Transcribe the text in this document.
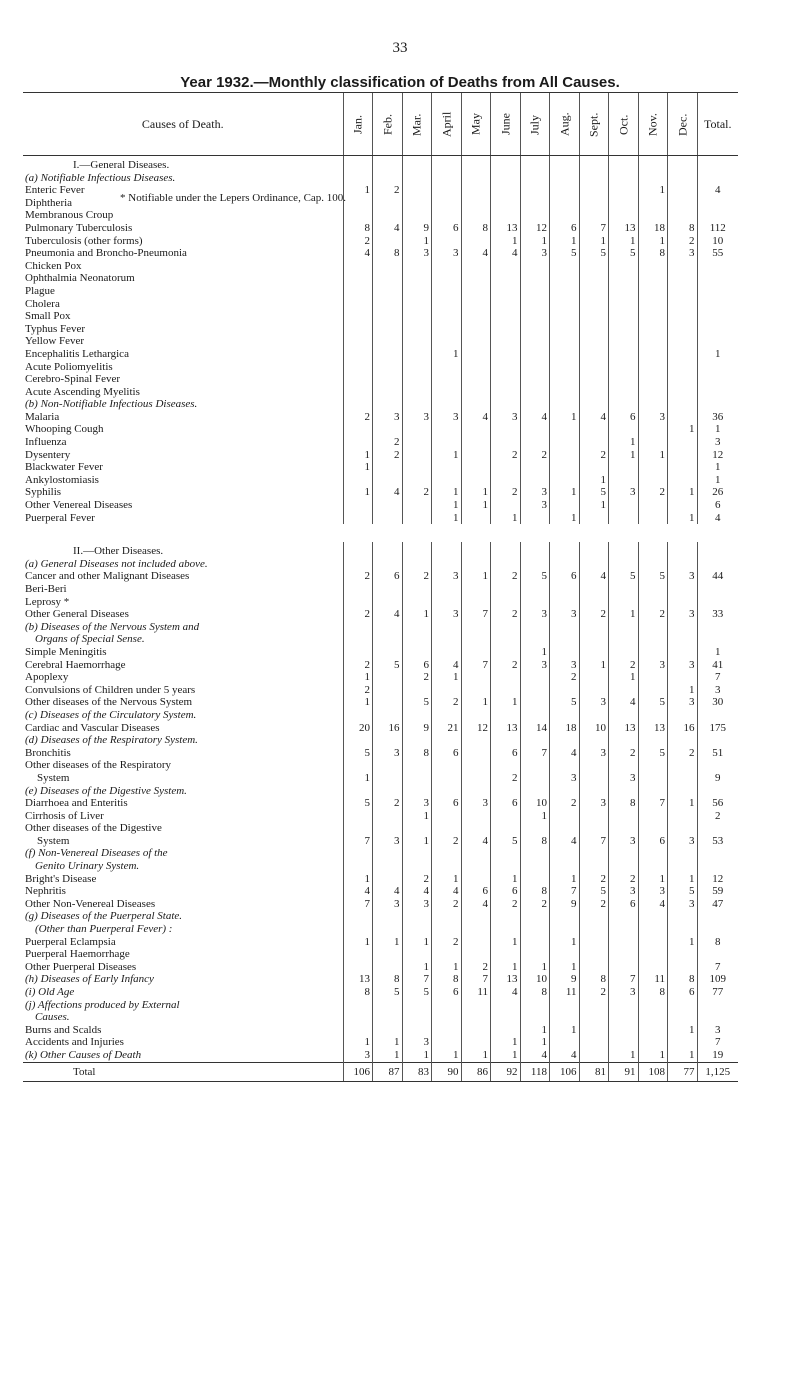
33
Year 1932.—Monthly classification of Deaths from All Causes.
Causes of Death.	Jan.	Feb.	Mar.	April	May	June	July	Aug.	Sept.	Oct.	Nov.	Dec.	Total.
I.—General Diseases.													
(a) Notifiable Infectious Diseases.													
Enteric Fever	1	2									1		4
Diphtheria													
Membranous Croup													
Pulmonary Tuberculosis	8	4	9	6	8	13	12	6	7	13	18	8	112
Tuberculosis (other forms)	2		1			1	1	1	1	1	1	2	10
Pneumonia and Broncho-Pneumonia	4	8	3	3	4	4	3	5	5	5	8	3	55
Chicken Pox													
Ophthalmia Neonatorum													
Plague													
Cholera													
Small Pox													
Typhus Fever													
Yellow Fever													
Encephalitis Lethargica				1									1
Acute Poliomyelitis													
Cerebro-Spinal Fever													
Acute Ascending Myelitis													
(b) Non-Notifiable Infectious Diseases.													
Malaria	2	3	3	3	4	3	4	1	4	6	3		36
Whooping Cough												1	1
Influenza		2								1			3
Dysentery	1	2		1		2	2		2	1	1		12
Blackwater Fever	1												1
Ankylostomiasis									1				1
Syphilis	1	4	2	1	1	2	3	1	5	3	2	1	26
Other Venereal Diseases				1	1		3		1				6
Puerperal Fever				1		1		1				1	4

II.—Other Diseases.													
(a) General Diseases not included above.													
Cancer and other Malignant Diseases	2	6	2	3	1	2	5	6	4	5	5	3	44
Beri-Beri													
Leprosy *													
Other General Diseases	2	4	1	3	7	2	3	3	2	1	2	3	33
(b) Diseases of the Nervous System and													
Organs of Special Sense.													
Simple Meningitis							1						1
Cerebral Haemorrhage	2	5	6	4	7	2	3	3	1	2	3	3	41
Apoplexy	1		2	1				2		1			7
Convulsions of Children under 5 years	2											1	3
Other diseases of the Nervous System	1		5	2	1	1		5	3	4	5	3	30
(c) Diseases of the Circulatory System.													
Cardiac and Vascular Diseases	20	16	9	21	12	13	14	18	10	13	13	16	175
(d) Diseases of the Respiratory System.													
Bronchitis	5	3	8	6		6	7	4	3	2	5	2	51
Other diseases of the Respiratory													
System	1					2		3		3			9
(e) Diseases of the Digestive System.													
Diarrhoea and Enteritis	5	2	3	6	3	6	10	2	3	8	7	1	56
Cirrhosis of Liver			1				1						2
Other diseases of the Digestive													
System	7	3	1	2	4	5	8	4	7	3	6	3	53
(f) Non-Venereal Diseases of the													
Genito Urinary System.													
Bright's Disease	1		2	1		1		1	2	2	1	1	12
Nephritis	4	4	4	4	6	6	8	7	5	3	3	5	59
Other Non-Venereal Diseases	7	3	3	2	4	2	2	9	2	6	4	3	47
(g) Diseases of the Puerperal State.													
(Other than Puerperal Fever) :													
Puerperal Eclampsia	1	1	1	2		1		1				1	8
Puerperal Haemorrhage													
Other Puerperal Diseases			1	1	2	1	1	1					7
(h) Diseases of Early Infancy	13	8	7	8	7	13	10	9	8	7	11	8	109
(i) Old Age	8	5	5	6	11	4	8	11	2	3	8	6	77
(j) Affections produced by External													
Causes.													
Burns and Scalds							1	1				1	3
Accidents and Injuries	1	1	3			1	1						7
(k) Other Causes of Death	3	1	1	1	1	1	4	4		1	1	1	19
Total	106	87	83	90	86	92	118	106	81	91	108	77	1,125
* Notifiable under the Lepers Ordinance, Cap. 100.
